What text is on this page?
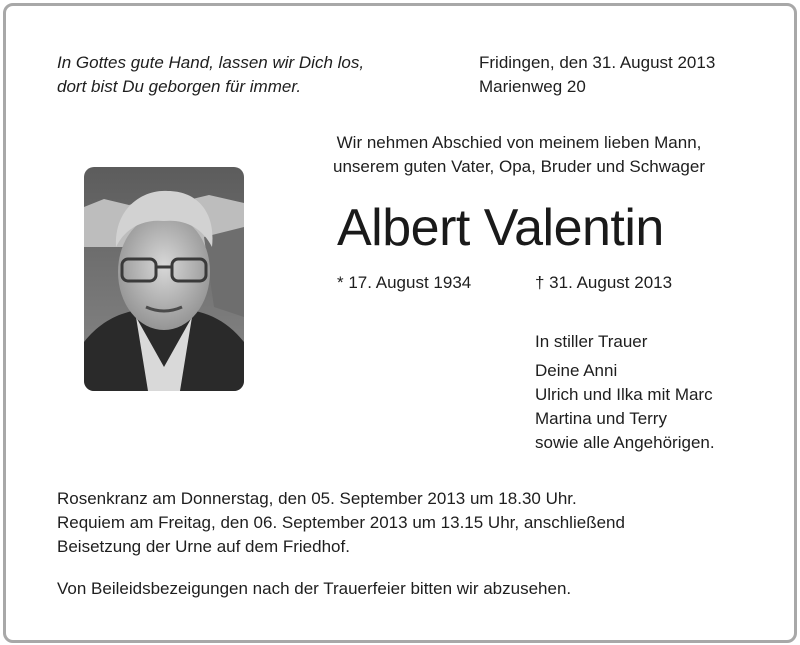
In Gottes gute Hand, lassen wir Dich los,
dort bist Du geborgen für immer.
Fridingen, den 31. August 2013
Marienweg 20
Wir nehmen Abschied von meinem lieben Mann,
unserem guten Vater, Opa, Bruder und Schwager
Albert Valentin
* 17. August 1934	† 31. August 2013
In stiller Trauer
Deine Anni
Ulrich und Ilka mit Marc
Martina und Terry
sowie alle Angehörigen.
Rosenkranz am Donnerstag, den 05. September 2013 um 18.30 Uhr.
Requiem am Freitag, den 06. September 2013 um 13.15 Uhr, anschließend
Beisetzung der Urne auf dem Friedhof.
Von Beileidsbezeigungen nach der Trauerfeier bitten wir abzusehen.
